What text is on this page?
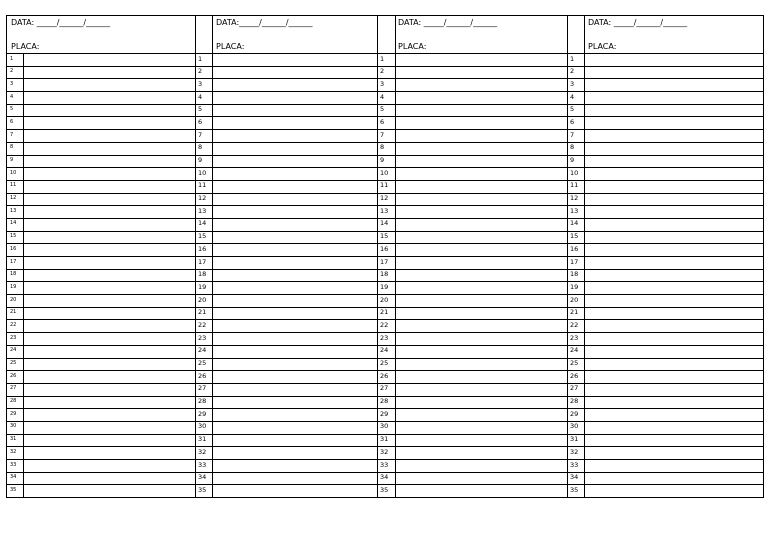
DATA: _____/______/______
PLACA:
1
2
3
4
5
6
7
8
9
10
11
12
13
14
15
16
17
18
19
20
21
22
23
24
25
26
27
28
29
30
31
32
33
34
35
DATA:_____/______/______
PLACA:
1
2
3
4
5
6
7
8
9
10
11
12
13
14
15
16
17
18
19
20
21
22
23
24
25
26
27
28
29
30
31
32
33
34
35
DATA: _____/______/______
PLACA:
1
2
3
4
5
6
7
8
9
10
11
12
13
14
15
16
17
18
19
20
21
22
23
24
25
26
27
28
29
30
31
32
33
34
35
DATA: _____/______/______
PLACA:
1
2
3
4
5
6
7
8
9
10
11
12
13
14
15
16
17
18
19
20
21
22
23
24
25
26
27
28
29
30
31
32
33
34
35
